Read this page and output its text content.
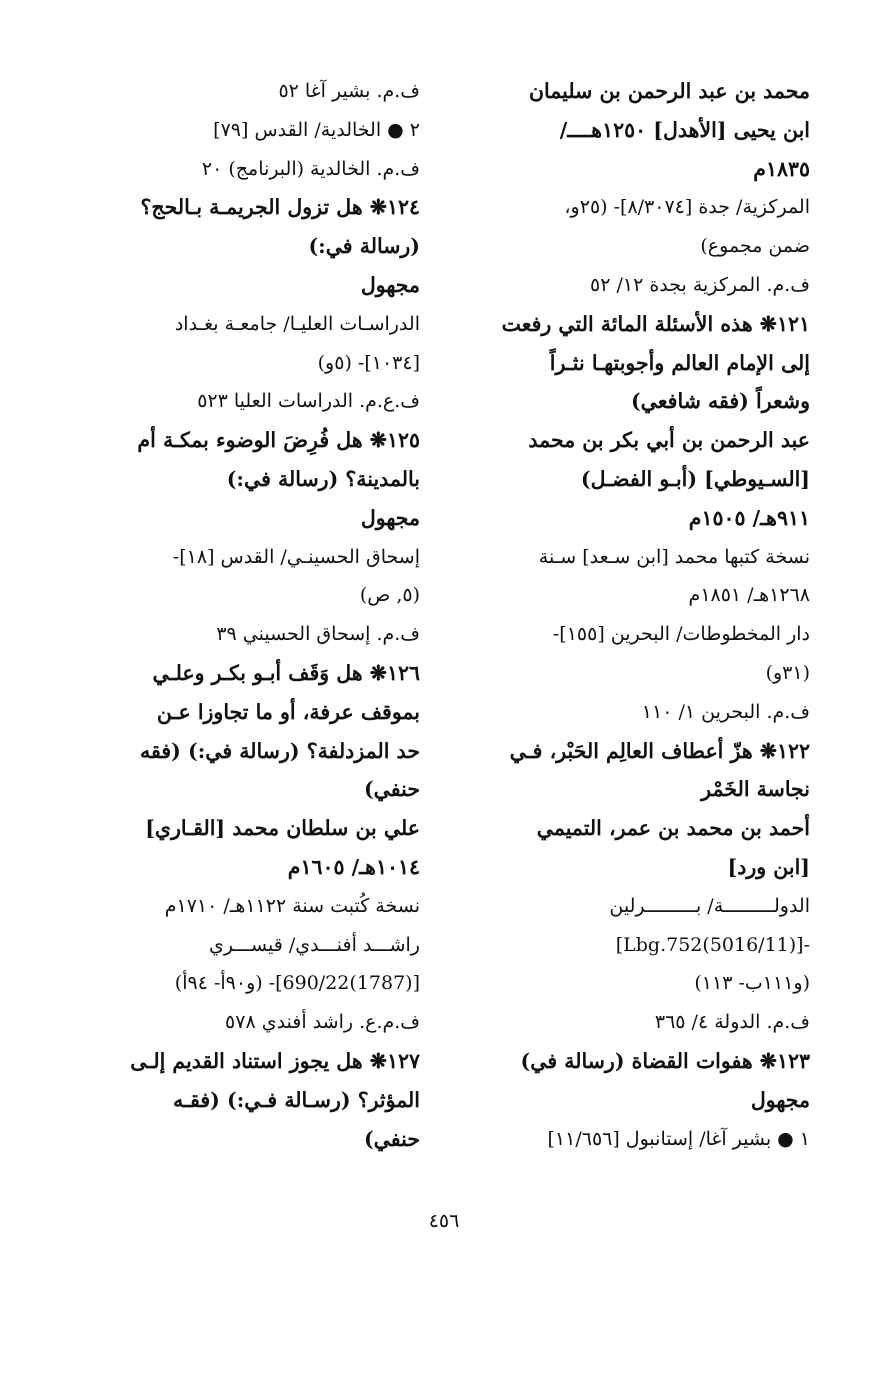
محمد بن عبد الرحمن بن سليمان
ابن يحيى [الأهدل] ١٢٥٠هــــ/
١٨٣٥م
المركزية/ جدة [٨/٣٠٧٤]- (٢٥و،
ضمن مجموع)
ف.م. المركزية بجدة ١٢/ ٥٢
١٢١❋ هذه الأسئلة المائة التي رفعت
إلى الإمام العالم وأجوبتهـا نثـراً
وشعراً (فقه شافعي)
عبد الرحمن بن أبي بكر بن محمد
[السـيوطي] (أبـو الفضـل)
٩١١هـ/ ١٥٠٥م
نسخة كتبها محمد [ابن سـعد] سـنة
١٢٦٨هـ/ ١٨٥١م
دار المخطوطات/ البحرين [١٥٥]-
(٣١و)
ف.م. البحرين ١/ ١١٠
١٢٢❋ هزّ أعطاف العالِم الحَبْر، فـي
نجاسة الخَمْر
أحمد بن محمد بن عمر، التميمي
[ابن ورد]
الدولـــــــــة/ بـــــــــرلين
-[(5016/11)Lbg.752]
(و١١١ب- ١١٣)
ف.م. الدولة ٤/ ٣٦٥
١٢٣❋ هفوات القضاة (رسالة في)
مجهول
١ ● بشير آغا/ إستانبول [١١/٦٥٦]
ف.م. بشير آغا ٥٢
٢ ● الخالدية/ القدس [٧٩]
ف.م. الخالدية (البرنامج) ٢٠
١٢٤❋ هل تزول الجريمـة بـالحج؟
(رسالة في:)
مجهول
الدراسـات العليـا/ جامعـة بغـداد
[١٠٣٤]- (٥و)
ف.ع.م. الدراسات العليا ٥٢٣
١٢٥❋ هل فُرِضَ الوضوء بمكـة أم
بالمدينة؟ (رسالة في:)
مجهول
إسحاق الحسينـي/ القدس [١٨]-
(٥, ص)
ف.م. إسحاق الحسيني ٣٩
١٢٦❋ هل وَقَف أبـو بكـر وعلـي
بموقف عرفة، أو ما تجاوزا عـن
حد المزدلفة؟ (رسالة في:) (فقه
حنفي)
علي بن سلطان محمد [القـاري]
١٠١٤هـ/ ١٦٠٥م
نسخة كُتبت سنة ١١٢٢هـ/ ١٧١٠م
راشـــد أفنـــدي/ قيســـري
[(1787)690/22]- (و٩٠أ- ٩٤أ)
ف.م.ع. راشد أفندي ٥٧٨
١٢٧❋ هل يجوز استناد القديم إلـى
المؤثر؟ (رسـالة فـي:) (فقـه
حنفي)
٤٥٦
